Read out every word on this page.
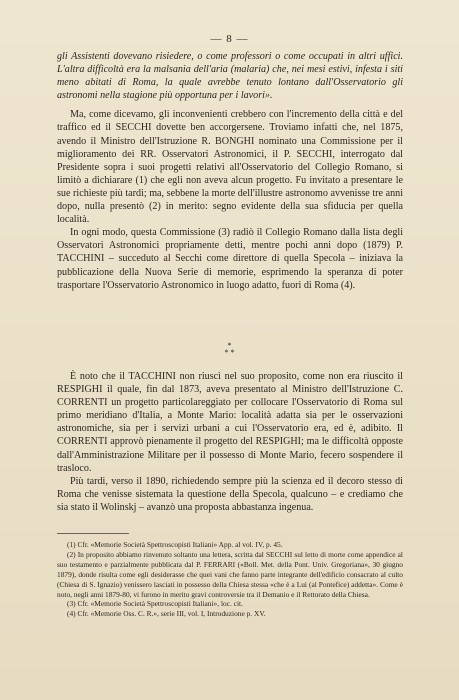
— 8 —

gli Assistenti dovevano risiedere, o come professori o come occupati in altri uffici. L'altra difficoltà era la malsania dell'aria (malaria) che, nei mesi estivi, infesta i siti meno abitati di Roma, la quale avrebbe tenuto lontano dall'Osservatorio gli astronomi nella stagione più opportuna per i lavori».

Ma, come dicevamo, gli inconvenienti crebbero con l'incremento della città e del traffico ed il SECCHI dovette ben accorgersene. Troviamo infatti che, nel 1875, avendo il Ministro dell'Istruzione R. BONGHI nominato una Commissione per il miglioramento dei RR. Osservatori Astronomici, il P. SECCHI, interrogato dal Presidente sopra i suoi progetti relativi all'Osservatorio del Collegio Romano, si limitò a dichiarare (1) che egli non aveva alcun progetto. Fu invitato a presentare le sue richieste più tardi; ma, sebbene la morte dell'illustre astronomo avvenisse tre anni dopo, nulla presentò (2) in merito: segno evidente della sua sfiducia per quella località.

In ogni modo, questa Commissione (3) radiò il Collegio Romano dalla lista degli Osservatori Astronomici propriamente detti, mentre pochi anni dopo (1879) P. TACCHINI – succeduto al Secchi come direttore di quella Specola – iniziava la pubblicazione della Nuova Serie di memorie, esprimendo la speranza di poter trasportare l'Osservatorio Astronomico in luogo adatto, fuori di Roma (4).

*
* *

È noto che il TACCHINI non riuscì nel suo proposito, come non era riuscito il RESPIGHI il quale, fin dal 1873, aveva presentato al Ministro dell'Istruzione C. CORRENTI un progetto particolareggiato per collocare l'Osservatorio di Roma sul primo meridiano d'Italia, a Monte Mario: località adatta sia per le osservazioni astronomiche, sia per i servizi urbani a cui l'Osservatorio era, ed è, adibito. Il CORRENTI approvò pienamente il progetto del RESPIGHI; ma le difficoltà opposte dall'Amministrazione Militare per il possesso di Monte Mario, fecero sospendere il trasloco.

Più tardi, verso il 1890, richiedendo sempre più la scienza ed il decoro stesso di Roma che venisse sistemata la questione della Specola, qualcuno – e crediamo che sia stato il Wolinskj – avanzò una proposta abbastanza ingenua.

(1) Cfr. «Memorie Società Spettroscopisti Italiani» App. al vol. IV, p. 45.

(2) In proposito abbiamo rinvenuto soltanto una lettera, scritta dal SECCHI sul letto di morte come appendice al suo testamento e parzialmente pubblicata dal P. FERRARI («Boll. Met. della Pont. Univ. Gregoriana», 30 giugno 1879), donde risulta come egli desiderasse che quei vani che fanno parte integrante dell'edificio consacrato al culto (Chiesa di S. Ignazio) venissero lasciati in possesso della Chiesa stessa «che è a Lui (al Pontefice) addetta». Come è noto, negli anni 1879-80, vi furono in merito gravi controversie tra il Demanio e il Rettorato della Chiesa.

(3) Cfr. «Memorie Società Spettroscopisti Italiani», loc. cit.

(4) Cfr. «Memorie Oss. C. R.», serie III, vol. I, Introduzione p. XV.
